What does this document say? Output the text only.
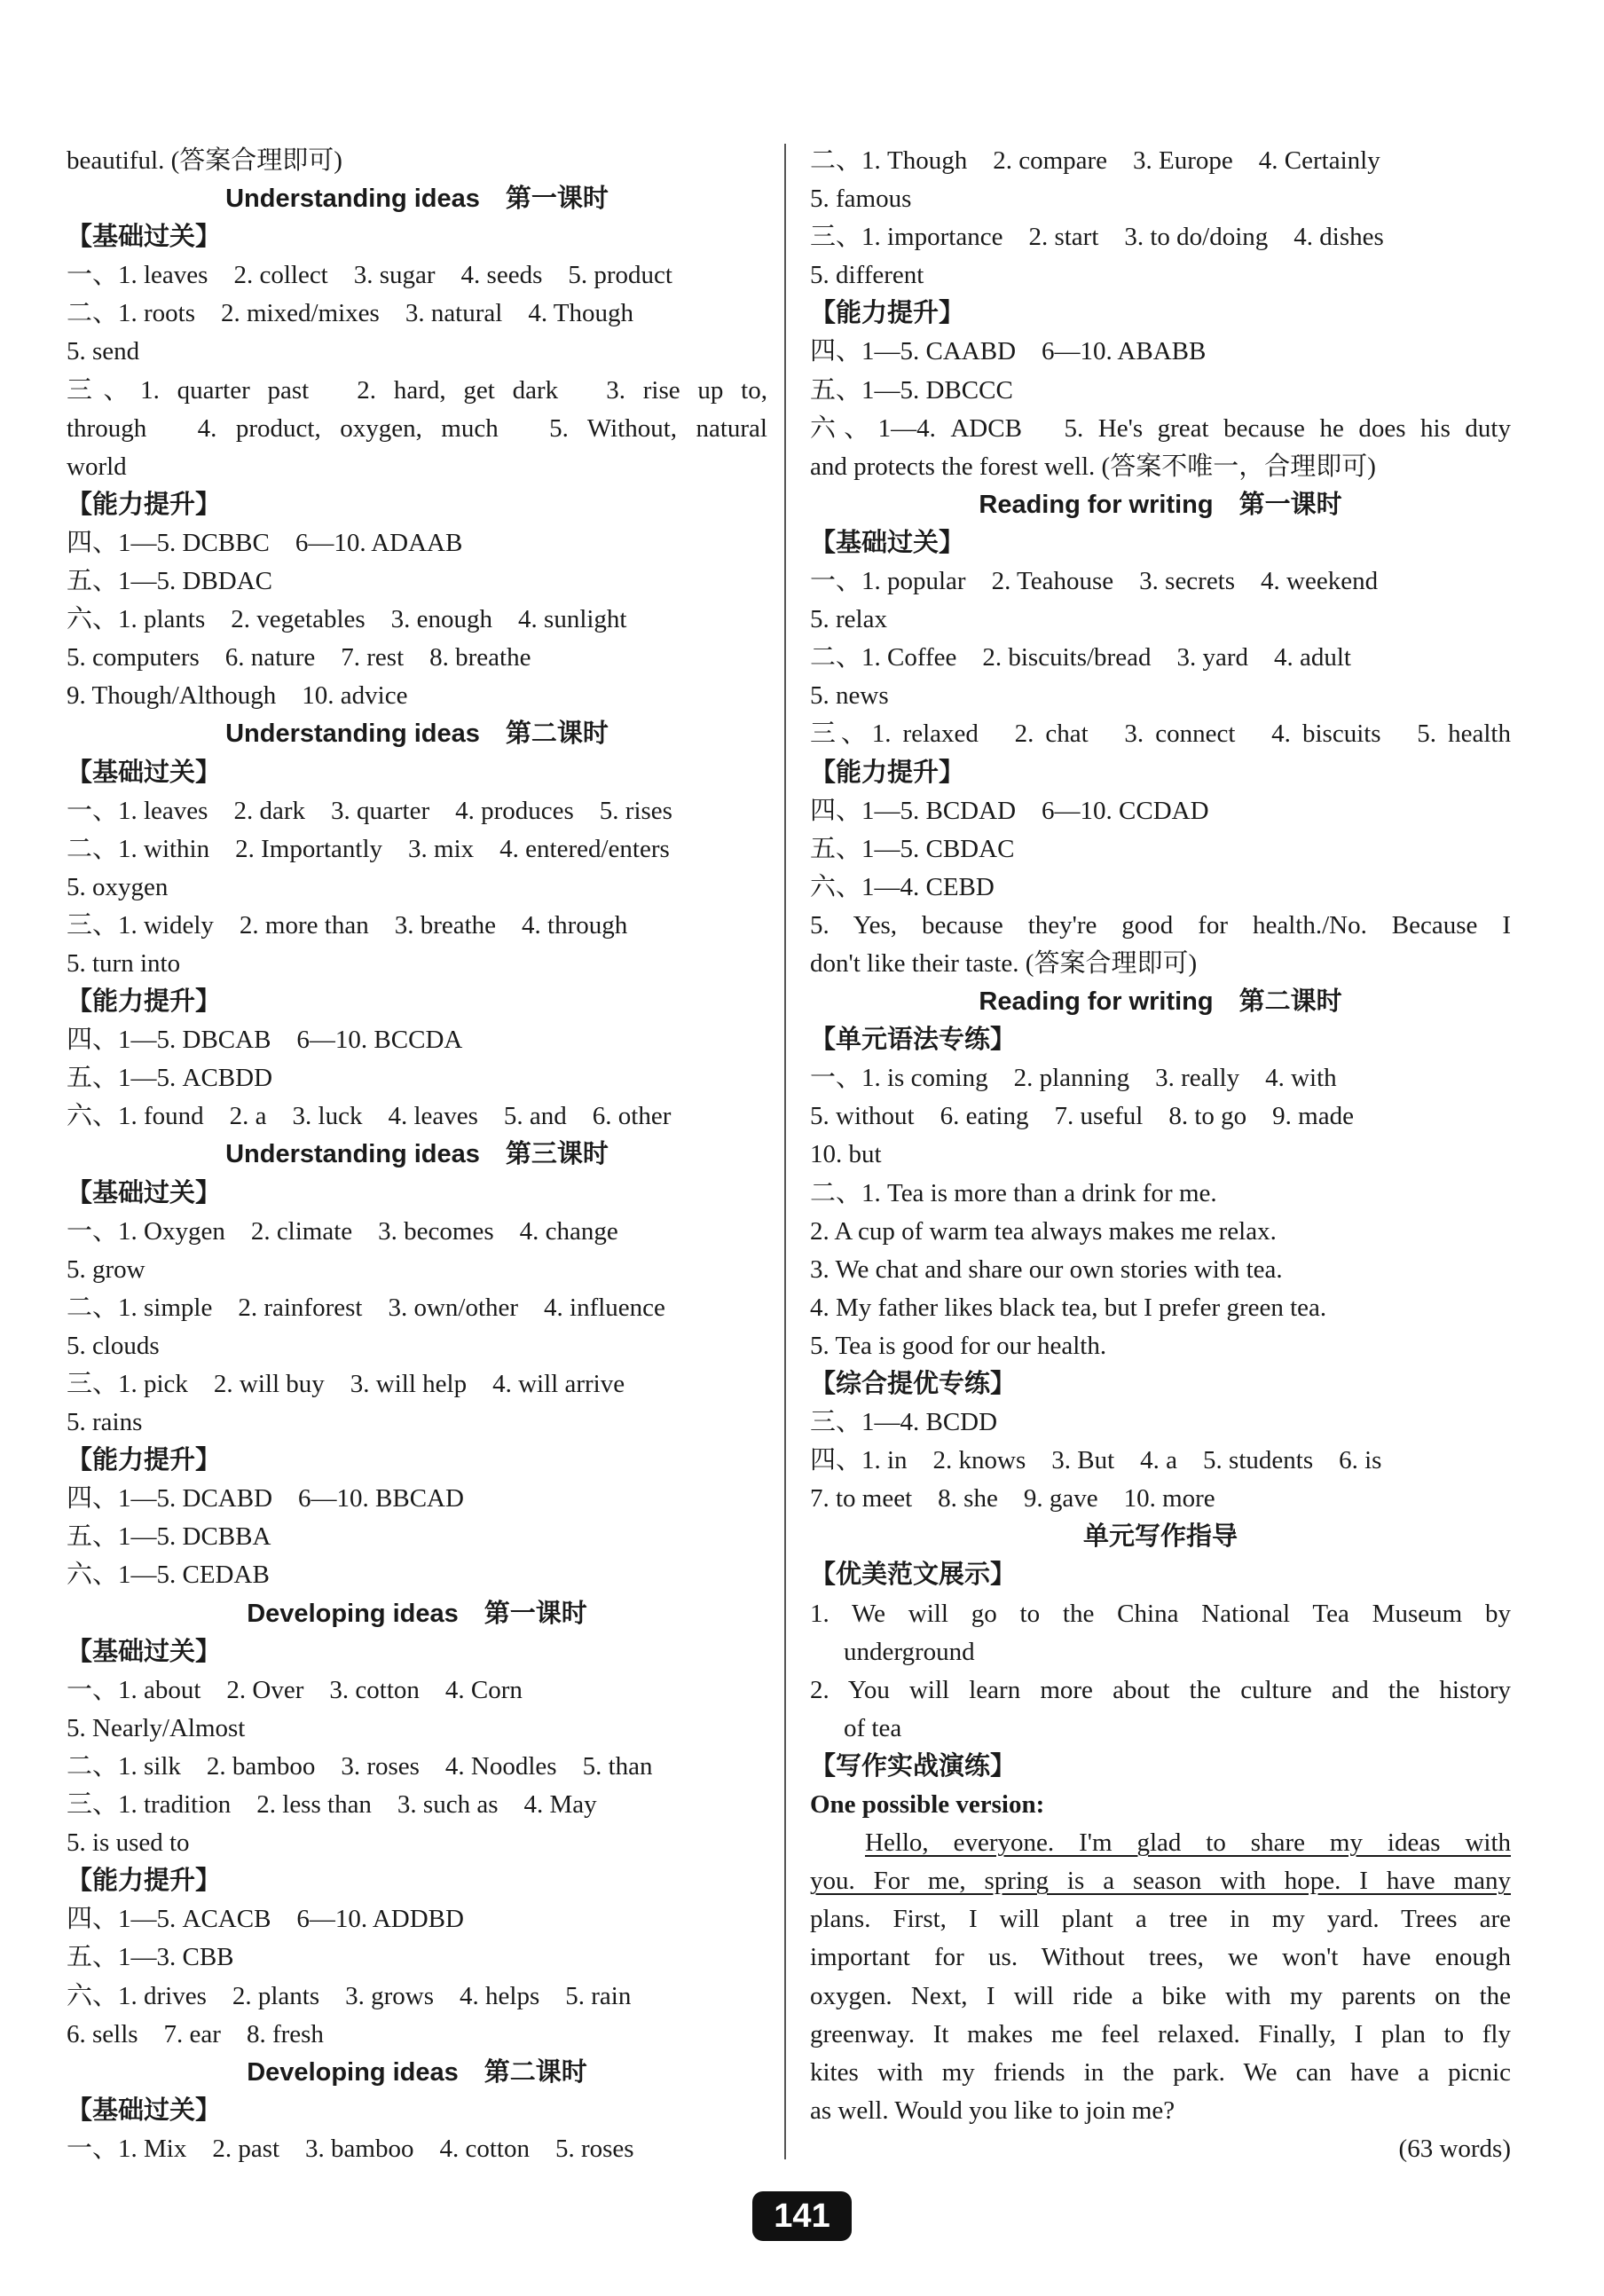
beautiful. (答案合理即可)
Understanding ideas　第一课时
【基础过关】
一、1. leaves　2. collect　3. sugar　4. seeds　5. product
二、1. roots　2. mixed/mixes　3. natural　4. Though
5. send
三、1. quarter past　2. hard, get dark　3. rise up to,
through　4. product, oxygen, much　5. Without, natural
world
【能力提升】
四、1—5. DCBBC　6—10. ADAAB
五、1—5. DBDAC
六、1. plants　2. vegetables　3. enough　4. sunlight
5. computers　6. nature　7. rest　8. breathe
9. Though/Although　10. advice
Understanding ideas　第二课时
【基础过关】
一、1. leaves　2. dark　3. quarter　4. produces　5. rises
二、1. within　2. Importantly　3. mix　4. entered/enters
5. oxygen
三、1. widely　2. more than　3. breathe　4. through
5. turn into
【能力提升】
四、1—5. DBCAB　6—10. BCCDA
五、1—5. ACBDD
六、1. found　2. a　3. luck　4. leaves　5. and　6. other
Understanding ideas　第三课时
【基础过关】
一、1. Oxygen　2. climate　3. becomes　4. change
5. grow
二、1. simple　2. rainforest　3. own/other　4. influence
5. clouds
三、1. pick　2. will buy　3. will help　4. will arrive
5. rains
【能力提升】
四、1—5. DCABD　6—10. BBCAD
五、1—5. DCBBA
六、1—5. CEDAB
Developing ideas　第一课时
【基础过关】
一、1. about　2. Over　3. cotton　4. Corn
5. Nearly/Almost
二、1. silk　2. bamboo　3. roses　4. Noodles　5. than
三、1. tradition　2. less than　3. such as　4. May
5. is used to
【能力提升】
四、1—5. ACACB　6—10. ADDBD
五、1—3. CBB
六、1. drives　2. plants　3. grows　4. helps　5. rain
6. sells　7. ear　8. fresh
Developing ideas　第二课时
【基础过关】
一、1. Mix　2. past　3. bamboo　4. cotton　5. roses
二、1. Though　2. compare　3. Europe　4. Certainly
5. famous
三、1. importance　2. start　3. to do/doing　4. dishes
5. different
【能力提升】
四、1—5. CAABD　6—10. ABABB
五、1—5. DBCCC
六、1—4. ADCB　5. He's great because he does his duty
and protects the forest well. (答案不唯一，合理即可)
Reading for writing　第一课时
【基础过关】
一、1. popular　2. Teahouse　3. secrets　4. weekend
5. relax
二、1. Coffee　2. biscuits/bread　3. yard　4. adult
5. news
三、1. relaxed　2. chat　3. connect　4. biscuits　5. health
【能力提升】
四、1—5. BCDAD　6—10. CCDAD
五、1—5. CBDAC
六、1—4. CEBD
5. Yes, because they're good for health./No. Because I
don't like their taste. (答案合理即可)
Reading for writing　第二课时
【单元语法专练】
一、1. is coming　2. planning　3. really　4. with
5. without　6. eating　7. useful　8. to go　9. made
10. but
二、1. Tea is more than a drink for me.
2. A cup of warm tea always makes me relax.
3. We chat and share our own stories with tea.
4. My father likes black tea, but I prefer green tea.
5. Tea is good for our health.
【综合提优专练】
三、1—4. BCDD
四、1. in　2. knows　3. But　4. a　5. students　6. is
7. to meet　8. she　9. gave　10. more
单元写作指导
【优美范文展示】
1. We will go to the China National Tea Museum by
underground
2. You will learn more about the culture and the history
of tea
【写作实战演练】
One possible version:
Hello, everyone. I'm glad to share my ideas with
you. For me, spring is a season with hope. I have many
plans. First, I will plant a tree in my yard. Trees are
important for us. Without trees, we won't have enough
oxygen. Next, I will ride a bike with my parents on the
greenway. It makes me feel relaxed. Finally, I plan to fly
kites with my friends in the park. We can have a picnic
as well. Would you like to join me?
(63 words)
141
